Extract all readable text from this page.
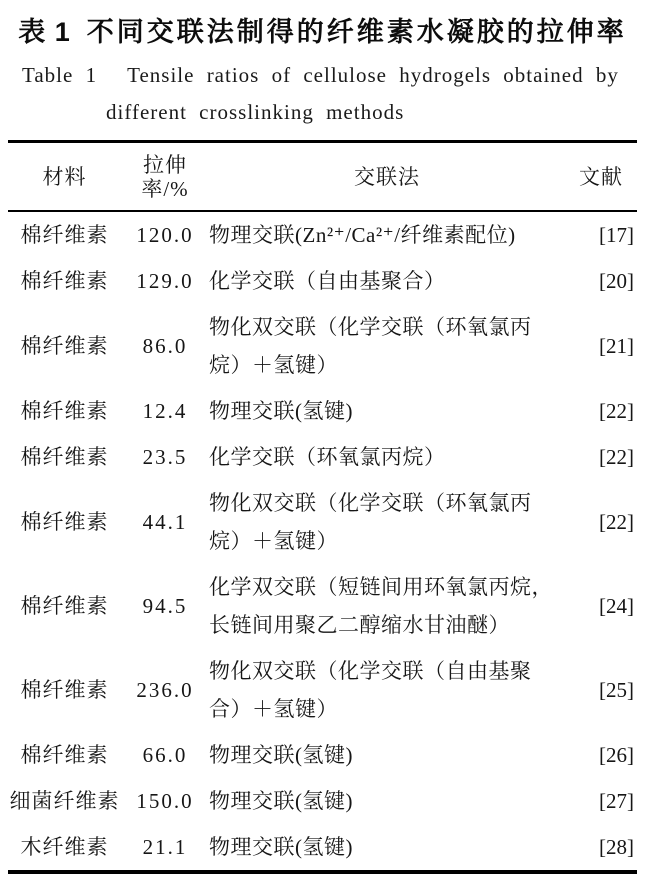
表 1 不同交联法制得的纤维素水凝胶的拉伸率
Table 1 Tensile ratios of cellulose hydrogels obtained by
different crosslinking methods
材料	拉伸率/%	交联法	文献
棉纤维素	120.0	物理交联(Zn²⁺/Ca²⁺/纤维素配位)	[17]
棉纤维素	129.0	化学交联（自由基聚合）	[20]
棉纤维素	86.0	物化双交联（化学交联（环氧氯丙烷）＋氢键）	[21]
棉纤维素	12.4	物理交联(氢键)	[22]
棉纤维素	23.5	化学交联（环氧氯丙烷）	[22]
棉纤维素	44.1	物化双交联（化学交联（环氧氯丙烷）＋氢键）	[22]
棉纤维素	94.5	化学双交联（短链间用环氧氯丙烷，长链间用聚乙二醇缩水甘油醚）	[24]
棉纤维素	236.0	物化双交联（化学交联（自由基聚合）＋氢键）	[25]
棉纤维素	66.0	物理交联(氢键)	[26]
细菌纤维素	150.0	物理交联(氢键)	[27]
木纤维素	21.1	物理交联(氢键)	[28]
